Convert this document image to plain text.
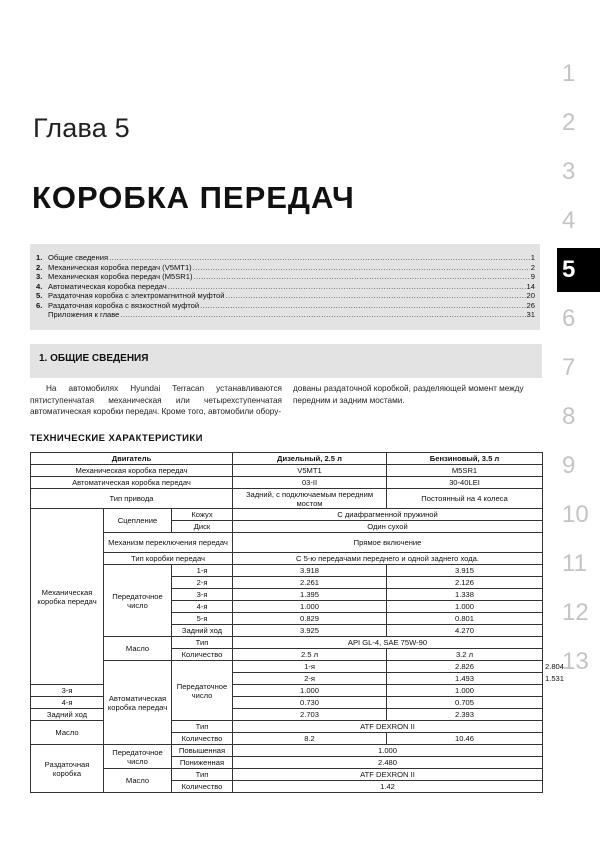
Глава 5
КОРОБКА ПЕРЕДАЧ
1. Общие сведения .....	1
2. Механическая коробка передач (V5MT1) .....	2
3. Механическая коробка передач (M5SR1) .....	9
4. Автоматическая коробка передач .....	14
5. Раздаточная коробка с электромагнитной муфтой .....	20
6. Раздаточная коробка с вязкостной муфтой .....	26
Приложения к главе .....	31
1. ОБЩИЕ СВЕДЕНИЯ
На автомобилях Hyundai Terracan устанавливаются пятиступенчатая механическая или четырехступенчатая автоматическая коробки передач. Кроме того, автомобили обору-
дованы раздаточной коробкой, разделяющей момент между передним и задним мостами.
ТЕХНИЧЕСКИЕ ХАРАКТЕРИСТИКИ
Двигатель			Дизельный, 2.5 л	Бензиновый, 3.5 л	
Механическая коробка передач			V5MT1	M5SR1	
Автоматическая коробка передач			03-II	30-40LEI	
Тип привода			Задний, с подключаемым передним мостом	Постоянный на 4 колеса	
Механическая коробка передач	Сцепление	Кожух	С диафрагменной пружиной		
		Диск	Один сухой		
	Механизм переключения передач		Прямое включение		
	Тип коробки передач		С 5-ю передачами переднего и одной заднего хода.		
	Передаточное число	1-я	3.918	3.915	
		2-я	2.261	2.126	
		3-я	1.395	1.338	
		4-я	1.000	1.000	
		5-я	0.829	0.801	
		Задний ход	3.925	4.270	
	Масло	Тип	API GL-4, SAE 75W-90		
		Количество	2.5 л	3.2 л	
	Автоматическая коробка передач	Передаточное число	1-я	2.826	2.804
			2-я	1.493	1.531
3-я			1.000	1.000	
4-я			0.730	0.705	
Задний ход			2.703	2.393	
Масло		Тип	ATF DEXRON II		
		Количество	8.2	10.46	
Раздаточная коробка	Передаточное число	Повышенная	1.000		
		Пониженная	2.480		
	Масло	Тип	ATF DEXRON II		
		Количество	1.42		
1
2
3
4
5
6
7
8
9
10
11
12
13
